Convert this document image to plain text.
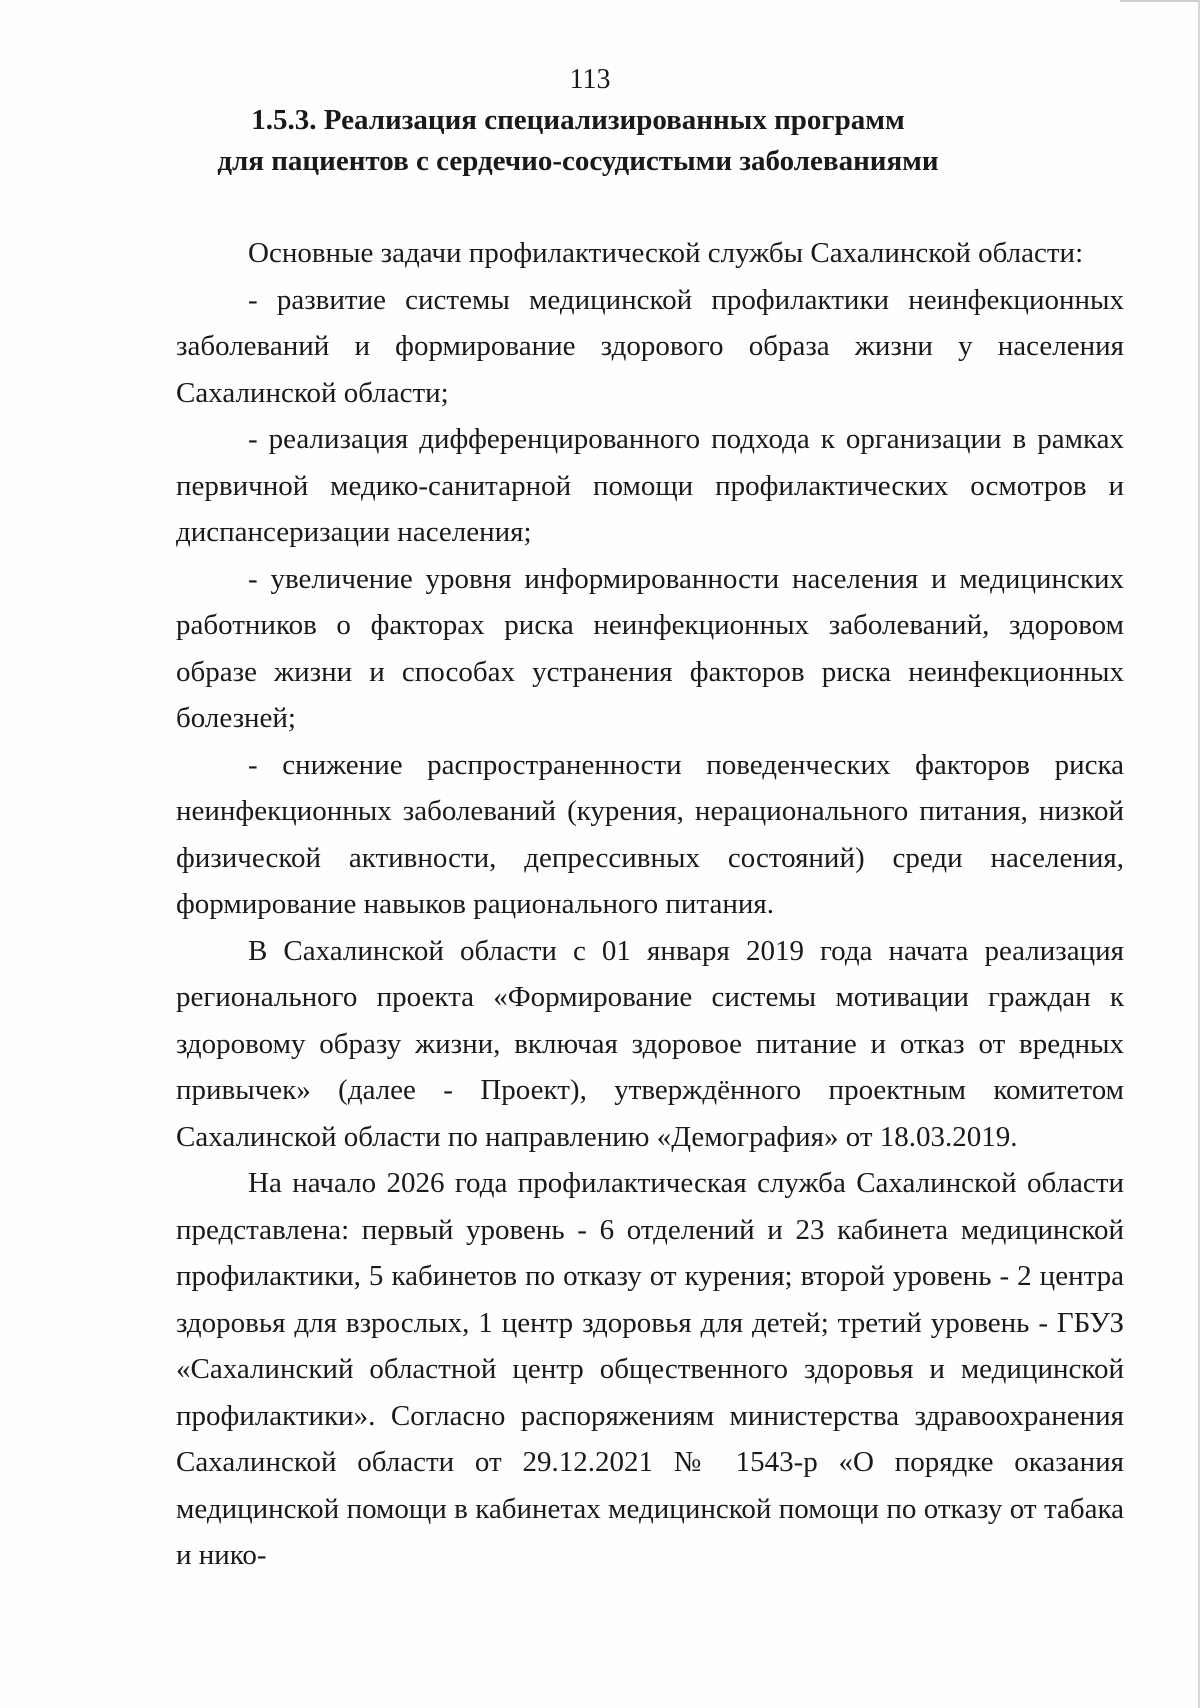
113
1.5.3. Реализация специализированных программ
для пациентов с сердечио-сосудистыми заболеваниями

Основные задачи профилактической службы Сахалинской области:

- развитие системы медицинской профилактики неинфекционных заболеваний и формирование здорового образа жизни у населения Сахалинской области;

- реализация дифференцированного подхода к организации в рамках первичной медико-санитарной помощи профилактических осмотров и диспансеризации населения;

- увеличение уровня информированности населения и медицинских работников о факторах риска неинфекционных заболеваний, здоровом образе жизни и способах устранения факторов риска неинфекционных болезней;

- снижение распространенности поведенческих факторов риска неинфекционных заболеваний (курения, нерационального питания, низкой физической активности, депрессивных состояний) среди населения, формирование навыков рационального питания.

В Сахалинской области с 01 января 2019 года начата реализация регионального проекта «Формирование системы мотивации граждан к здоровому образу жизни, включая здоровое питание и отказ от вредных привычек» (далее - Проект), утверждённого проектным комитетом Сахалинской области по направлению «Демография» от 18.03.2019.

На начало 2026 года профилактическая служба Сахалинской области представлена: первый уровень - 6 отделений и 23 кабинета медицинской профилактики, 5 кабинетов по отказу от курения; второй уровень - 2 центра здоровья для взрослых, 1 центр здоровья для детей; третий уровень - ГБУЗ «Сахалинский областной центр общественного здоровья и медицинской профилактики». Согласно распоряжениям министерства здравоохранения Сахалинской области от 29.12.2021 № 1543-р «О порядке оказания медицинской помощи в кабинетах медицинской помощи по отказу от табака и нико-
